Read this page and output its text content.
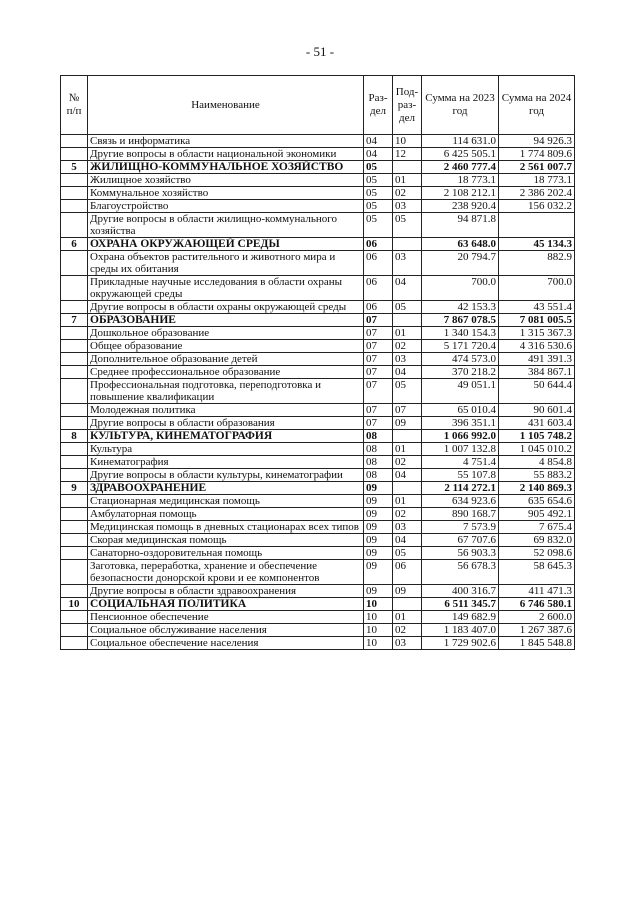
- 51 -
№ п/п	Наименование	Раз-дел	Под-раз-дел	Сумма на 2023 год	Сумма на 2024 год
	Связь и информатика	04	10	114 631.0	94 926.3
	Другие вопросы в области национальной экономики	04	12	6 425 505.1	1 774 809.6
5	ЖИЛИЩНО-КОММУНАЛЬНОЕ ХОЗЯЙСТВО	05		2 460 777.4	2 561 007.7
	Жилищное хозяйство	05	01	18 773.1	18 773.1
	Коммунальное хозяйство	05	02	2 108 212.1	2 386 202.4
	Благоустройство	05	03	238 920.4	156 032.2
	Другие вопросы в области жилищно-коммунального хозяйства	05	05	94 871.8	
6	ОХРАНА ОКРУЖАЮЩЕЙ СРЕДЫ	06		63 648.0	45 134.3
	Охрана объектов растительного и животного мира и среды их обитания	06	03	20 794.7	882.9
	Прикладные научные исследования в области охраны окружающей среды	06	04	700.0	700.0
	Другие вопросы в области охраны окружающей среды	06	05	42 153.3	43 551.4
7	ОБРАЗОВАНИЕ	07		7 867 078.5	7 081 005.5
	Дошкольное образование	07	01	1 340 154.3	1 315 367.3
	Общее образование	07	02	5 171 720.4	4 316 530.6
	Дополнительное образование детей	07	03	474 573.0	491 391.3
	Среднее профессиональное образование	07	04	370 218.2	384 867.1
	Профессиональная подготовка, переподготовка и повышение квалификации	07	05	49 051.1	50 644.4
	Молодежная политика	07	07	65 010.4	90 601.4
	Другие вопросы в области образования	07	09	396 351.1	431 603.4
8	КУЛЬТУРА, КИНЕМАТОГРАФИЯ	08		1 066 992.0	1 105 748.2
	Культура	08	01	1 007 132.8	1 045 010.2
	Кинематография	08	02	4 751.4	4 854.8
	Другие вопросы в области культуры, кинематографии	08	04	55 107.8	55 883.2
9	ЗДРАВООХРАНЕНИЕ	09		2 114 272.1	2 140 869.3
	Стационарная медицинская помощь	09	01	634 923.6	635 654.6
	Амбулаторная помощь	09	02	890 168.7	905 492.1
	Медицинская помощь в дневных стационарах всех типов	09	03	7 573.9	7 675.4
	Скорая медицинская помощь	09	04	67 707.6	69 832.0
	Санаторно-оздоровительная помощь	09	05	56 903.3	52 098.6
	Заготовка, переработка, хранение и обеспечение безопасности донорской крови и ее компонентов	09	06	56 678.3	58 645.3
	Другие вопросы в области здравоохранения	09	09	400 316.7	411 471.3
10	СОЦИАЛЬНАЯ ПОЛИТИКА	10		6 511 345.7	6 746 580.1
	Пенсионное обеспечение	10	01	149 682.9	2 600.0
	Социальное обслуживание населения	10	02	1 183 407.0	1 267 387.6
	Социальное обеспечение населения	10	03	1 729 902.6	1 845 548.8
